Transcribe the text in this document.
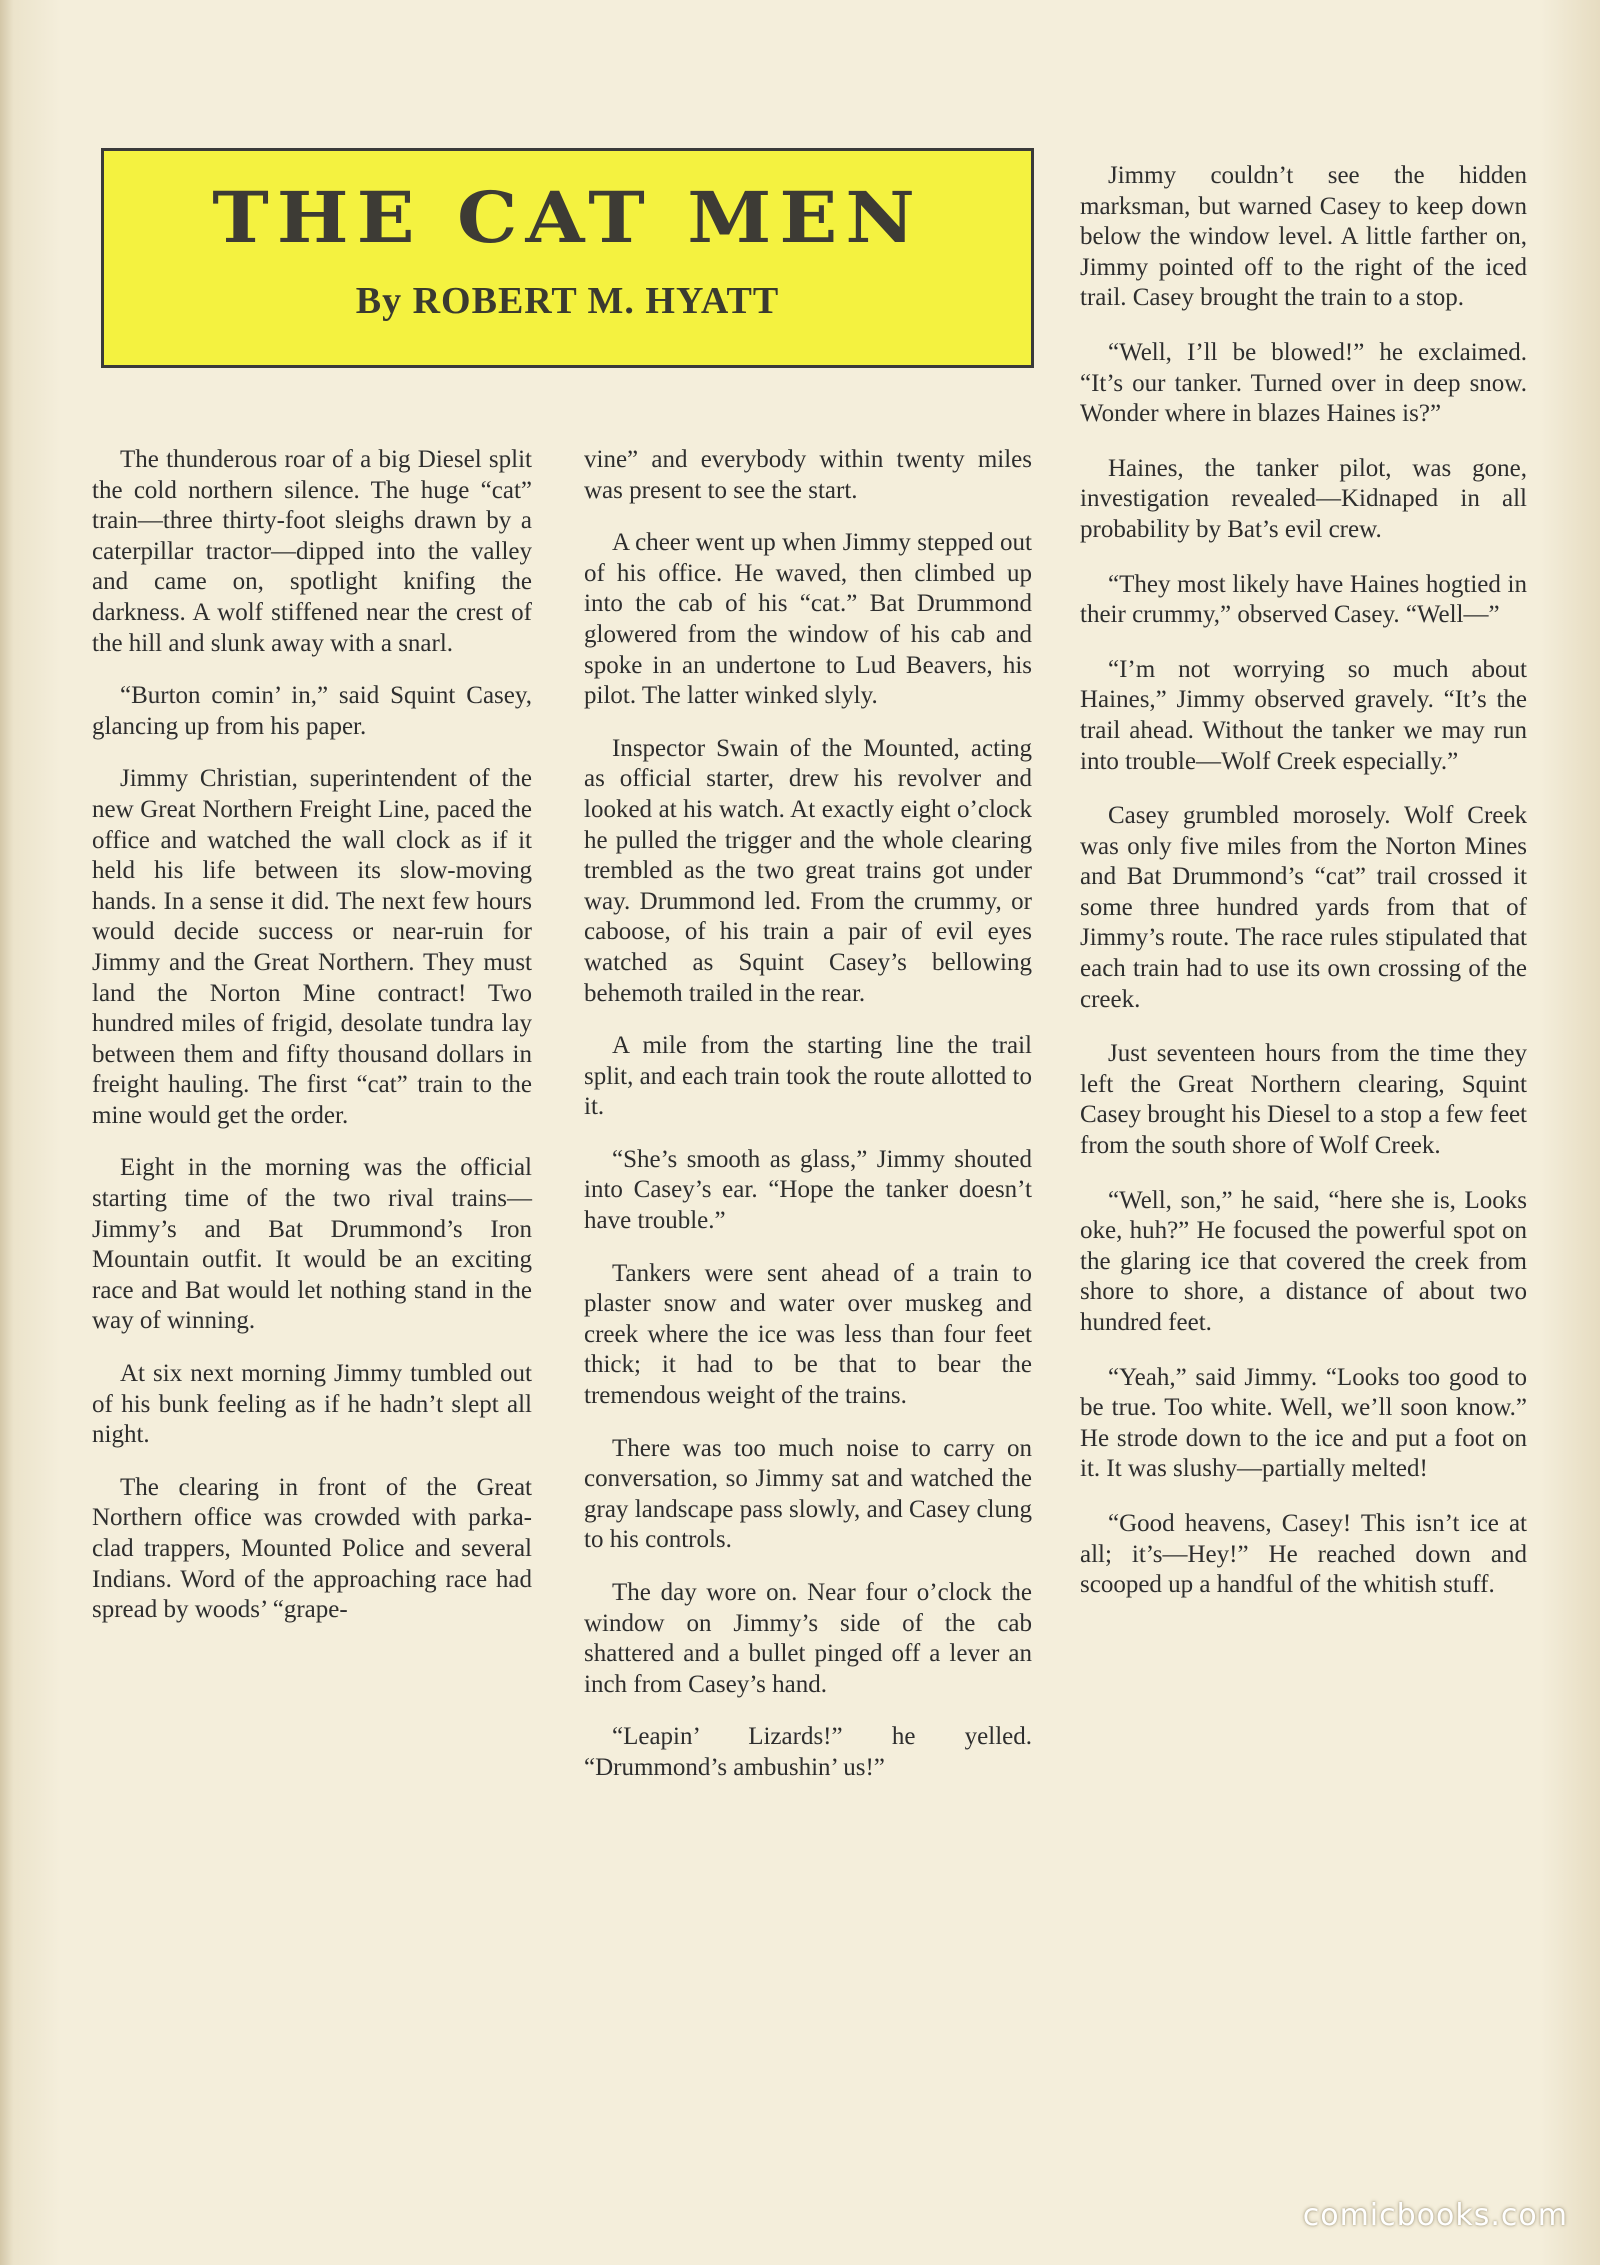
THE CAT MEN
By ROBERT M. HYATT

The thunderous roar of a big Diesel split the cold northern silence. The huge “cat” train—three thirty-foot sleighs drawn by a caterpillar tractor—dipped into the valley and came on, spotlight knifing the darkness. A wolf stiffened near the crest of the hill and slunk away with a snarl.

“Burton comin’ in,” said Squint Casey, glancing up from his paper.

Jimmy Christian, superintendent of the new Great Northern Freight Line, paced the office and watched the wall clock as if it held his life between its slow-moving hands. In a sense it did. The next few hours would decide success or near-ruin for Jimmy and the Great Northern. They must land the Norton Mine contract! Two hundred miles of frigid, desolate tundra lay between them and fifty thousand dollars in freight hauling. The first “cat” train to the mine would get the order.

Eight in the morning was the official starting time of the two rival trains—Jimmy’s and Bat Drummond’s Iron Mountain outfit. It would be an exciting race and Bat would let nothing stand in the way of winning.

At six next morning Jimmy tumbled out of his bunk feeling as if he hadn’t slept all night.

The clearing in front of the Great Northern office was crowded with parka-clad trappers, Mounted Police and several Indians. Word of the approaching race had spread by woods’ “grape-

vine” and everybody within twenty miles was present to see the start.

A cheer went up when Jimmy stepped out of his office. He waved, then climbed up into the cab of his “cat.” Bat Drummond glowered from the window of his cab and spoke in an undertone to Lud Beavers, his pilot. The latter winked slyly.

Inspector Swain of the Mounted, acting as official starter, drew his revolver and looked at his watch. At exactly eight o’clock he pulled the trigger and the whole clearing trembled as the two great trains got under way. Drummond led. From the crummy, or caboose, of his train a pair of evil eyes watched as Squint Casey’s bellowing behemoth trailed in the rear.

A mile from the starting line the trail split, and each train took the route allotted to it.

“She’s smooth as glass,” Jimmy shouted into Casey’s ear. “Hope the tanker doesn’t have trouble.”

Tankers were sent ahead of a train to plaster snow and water over muskeg and creek where the ice was less than four feet thick; it had to be that to bear the tremendous weight of the trains.

There was too much noise to carry on conversation, so Jimmy sat and watched the gray landscape pass slowly, and Casey clung to his controls.

The day wore on. Near four o’clock the window on Jimmy’s side of the cab shattered and a bullet pinged off a lever an inch from Casey’s hand.

“Leapin’ Lizards!” he yelled. “Drummond’s ambushin’ us!”

Jimmy couldn’t see the hidden marksman, but warned Casey to keep down below the window level. A little farther on, Jimmy pointed off to the right of the iced trail. Casey brought the train to a stop.

“Well, I’ll be blowed!” he exclaimed. “It’s our tanker. Turned over in deep snow. Wonder where in blazes Haines is?”

Haines, the tanker pilot, was gone, investigation revealed—Kidnaped in all probability by Bat’s evil crew.

“They most likely have Haines hogtied in their crummy,” observed Casey. “Well—”

“I’m not worrying so much about Haines,” Jimmy observed gravely. “It’s the trail ahead. Without the tanker we may run into trouble—Wolf Creek especially.”

Casey grumbled morosely. Wolf Creek was only five miles from the Norton Mines and Bat Drummond’s “cat” trail crossed it some three hundred yards from that of Jimmy’s route. The race rules stipulated that each train had to use its own crossing of the creek.

Just seventeen hours from the time they left the Great Northern clearing, Squint Casey brought his Diesel to a stop a few feet from the south shore of Wolf Creek.

“Well, son,” he said, “here she is, Looks oke, huh?” He focused the powerful spot on the glaring ice that covered the creek from shore to shore, a distance of about two hundred feet.

“Yeah,” said Jimmy. “Looks too good to be true. Too white. Well, we’ll soon know.” He strode down to the ice and put a foot on it. It was slushy—partially melted!

“Good heavens, Casey! This isn’t ice at all; it’s—Hey!” He reached down and scooped up a handful of the whitish stuff.

comicbooks.com
